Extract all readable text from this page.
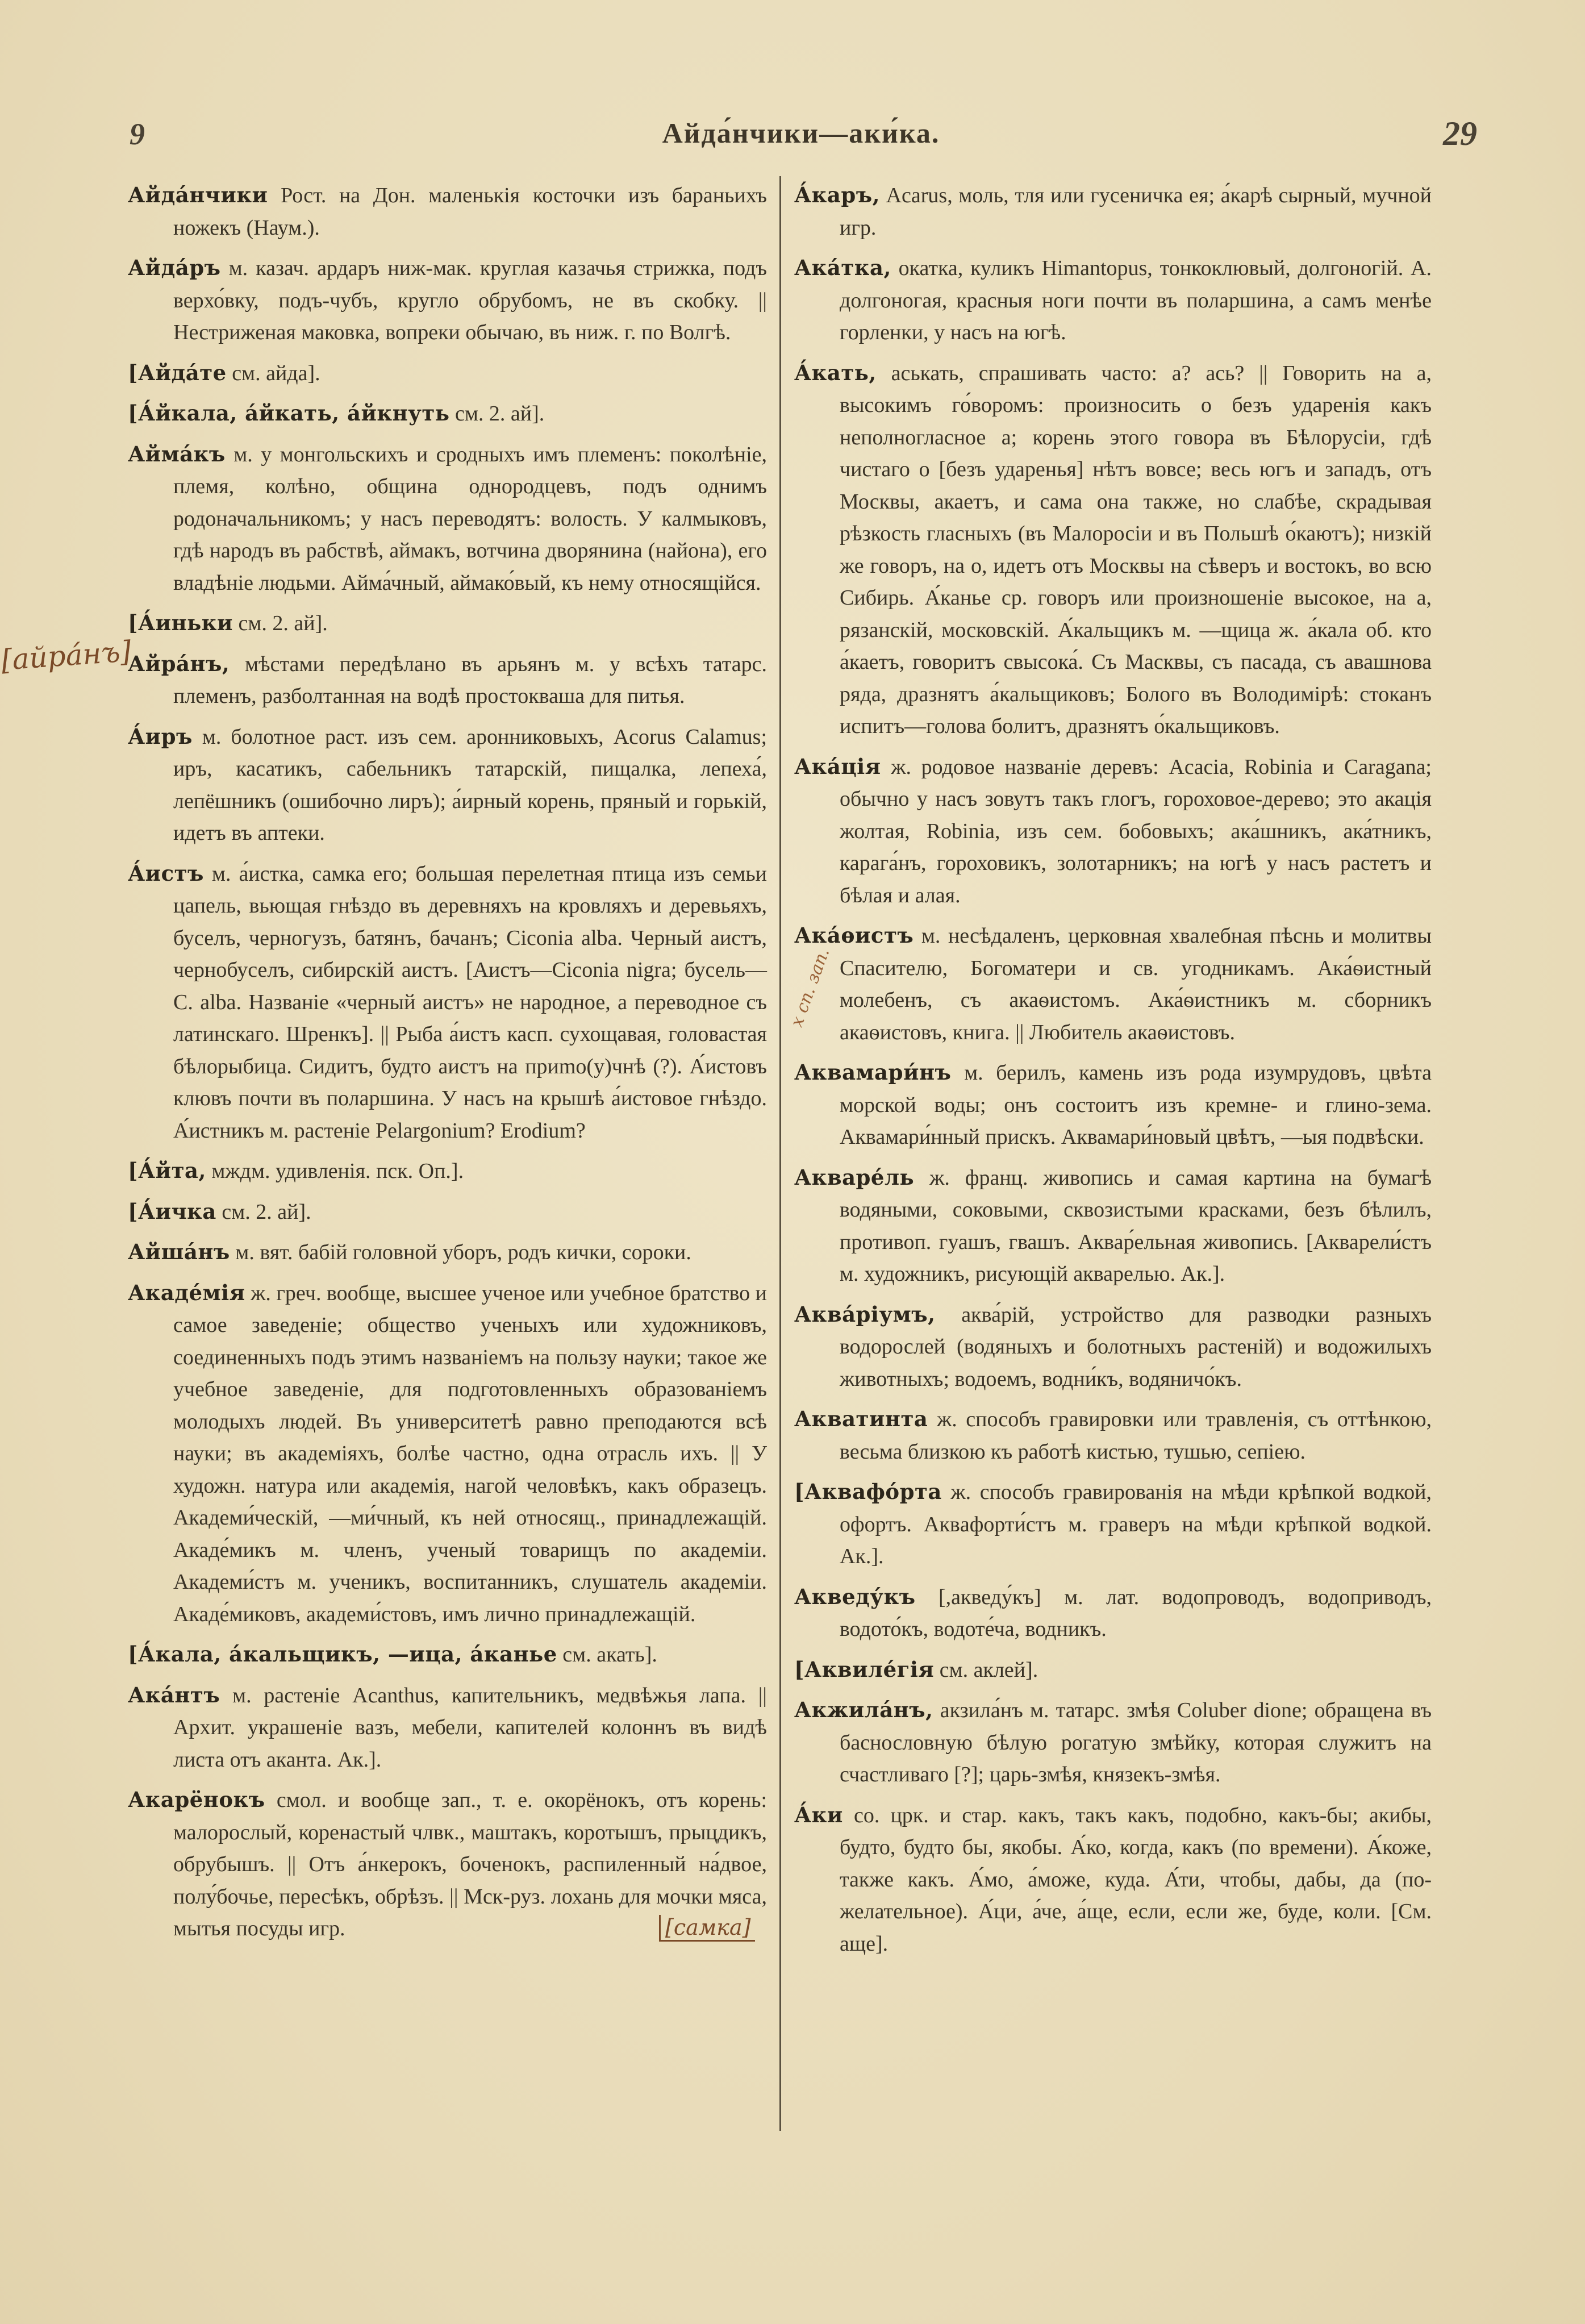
9	Айда́нчики—аки́ка.	29

Айда́нчики Рост. на Дон. маленькія косточки изъ бараньихъ ножекъ (Наум.).

Айда́ръ м. казач. ардаръ ниж-мак. круглая казачья стрижка, подъ верхо́вку, подъ-чубъ, кругло обрубомъ, не въ скобку. || Нестриженая маковка, вопреки обычаю, въ ниж. г. по Волгѣ.

[Айда́те см. айда].

[А́йкала, а́йкать, а́йкнуть см. 2. ай].

Айма́къ м. у монгольскихъ и сродныхъ имъ племенъ: поколѣніе, племя, колѣно, община однородцевъ, подъ однимъ родоначальникомъ; у насъ переводятъ: волость. У калмыковъ, гдѣ народъ въ рабствѣ, аймакъ, вотчина дворянина (найона), его владѣніе людьми. Айма́чный, аймако́вый, къ нему относящійся.

[А́иньки см. 2. ай].

Айра́нъ, мѣстами передѣлано въ арьянъ м. у всѣхъ татарс. племенъ, разболтанная на водѣ простокваша для питья.

А́иръ м. болотное раст. изъ сем. аронниковыхъ, Acorus Calamus; иръ, касатикъ, сабельникъ татарскій, пищалка, лепеха́, лепёшникъ (ошибочно лиръ); а́ирный корень, пряный и горькій, идетъ въ аптеки.

А́истъ м. а́истка, самка его; большая перелетная птица изъ семьи цапель, вьющая гнѣздо въ деревняхъ на кровляхъ и деревьяхъ, буселъ, черногузъ, батянъ, бачанъ; Ciconia alba. Черный аистъ, чернобуселъ, сибирскій аистъ. [Аистъ—Ciconia nigra; бусель—C. alba. Названіе «черный аистъ» не народное, а переводное съ латинскаго. Шренкъ]. || Рыба а́истъ касп. сухощавая, головастая бѣлорыбица. Сидитъ, будто аистъ на приmo(у)чнѣ (?). А́истовъ клювъ почти въ поларшина. У насъ на крышѣ а́истовое гнѣздо. А́истникъ м. растеніе Pelargonium? Erodium?

[А́йта, мждм. удивленія. пск. Оп.].

[А́ичка см. 2. ай].

Айша́нъ м. вят. бабій головной уборъ, родъ кички, сороки.

Акаде́мія ж. греч. вообще, высшее ученое или учебное братство и самое заведеніе; общество ученыхъ или художниковъ, соединенныхъ подъ этимъ названіемъ на пользу науки; такое же учебное заведеніе, для подготовленныхъ образованіемъ молодыхъ людей. Въ университетѣ равно преподаются всѣ науки; въ академіяхъ, болѣе частно, одна отрасль ихъ. || У художн. натура или академія, нагой человѣкъ, какъ образецъ. Академи́ческій, —ми́чный, къ ней относящ., принадлежащій. Акаде́микъ м. членъ, ученый товарищъ по академіи. Академи́стъ м. ученикъ, воспитанникъ, слушатель академіи. Акаде́миковъ, академи́стовъ, имъ лично принадлежащій.

[А́кала, а́кальщикъ, —ица, а́канье см. акать].

Ака́нтъ м. растеніе Acanthus, капительникъ, медвѣжья лапа. || Архит. украшеніе вазъ, мебели, капителей колоннъ въ видѣ листа отъ аканта. Ак.].

Акарёнокъ смол. и вообще зап., т. е. окорёнокъ, отъ корень: малорослый, коренастый члвк., маштакъ, коротышъ, прыцдикъ, обрубышъ. || Отъ а́нкерокъ, боченокъ, распиленный на́двое, полу́бочье, пересѣкъ, обрѣзъ. || Мск-руз. лохань для мочки мяса, мытья посуды игр.

А́каръ, Acarus, моль, тля или гусеничка ея; а́карѣ сырный, мучной игр.

Ака́тка, окатка, куликъ Himantopus, тонкоклювый, долгоногій. А. долгоногая, красныя ноги почти въ поларшина, а самъ менѣе горленки, у насъ на югѣ.

А́кать, аськать, спрашивать часто: а? ась? || Говорить на а, высокимъ го́воромъ: произносить о безъ ударенія какъ неполногласное а; корень этого говора въ Бѣлорусіи, гдѣ чистаго о [безъ ударенья] нѣтъ вовсе; весь югъ и западъ, отъ Москвы, акаетъ, и сама она также, но слабѣе, скрадывая рѣзкость гласныхъ (въ Малоросіи и въ Польшѣ о́каютъ); низкій же говоръ, на о, идетъ отъ Москвы на сѣверъ и востокъ, во всю Сибирь. А́канье ср. говоръ или произношеніе высокое, на а, рязанскій, московскій. А́кальщикъ м. —щица ж. а́кала об. кто а́каетъ, говоритъ свысока́. Съ Масквы, съ пасада, съ авашнова ряда, дразнятъ а́кальщиковъ; Бологo въ Володимірѣ: стоканъ испитъ—голова болитъ, дразнятъ о́кальщиковъ.

Ака́ція ж. родовое названіе деревъ: Acacia, Robinia и Caragana; обычно у насъ зовутъ такъ глогъ, гороховое-дерево; это акація жолтая, Robinia, изъ сем. бобовыхъ; ака́шникъ, ака́тникъ, карага́нъ, гороховикъ, золотарникъ; на югѣ у насъ растетъ и бѣлая и алая.

Ака́ѳистъ м. несѣдаленъ, церковная хвалебная пѣснь и молитвы Спасителю, Богоматери и св. угодникамъ. Ака́ѳистный молебенъ, съ акаѳистомъ. Ака́ѳистникъ м. сборникъ акаѳистовъ, книга. || Любитель акаѳистовъ.

Аквамари́нъ м. берилъ, камень изъ рода изумрудовъ, цвѣта морской воды; онъ состоитъ изъ кремне- и глино-зема. Аквамари́нный прискъ. Аквамари́новый цвѣтъ, —ыя подвѣски.

Акваре́ль ж. франц. живопись и самая картина на бумагѣ водяными, соковыми, сквозистыми красками, безъ бѣлилъ, противоп. гуашъ, гвашъ. Аквар́ельная живопись. [Акварели́стъ м. художникъ, рисующій акварелью. Ак.].

Аква́ріумъ, аква́рій, устройство для разводки разныхъ водорослей (водяныхъ и болотныхъ растеній) и водожилыхъ животныхъ; водоемъ, водни́къ, водяничо́къ.

Акватинта ж. способъ гравировки или травленія, съ оттѣнкою, весьма близкою къ работѣ кистью, тушью, сепіею.

[Аквафо́рта ж. способъ гравированія на мѣди крѣпкой водкой, офортъ. Аквaфорти́стъ м. граверъ на мѣди крѣпкой водкой. Ак.].

Акведу́къ [,акведу́къ] м. лат. водопроводъ, водоприводъ, водото́къ, водоте́ча, водникъ.

[Аквиле́гія см. аклей].

Акжила́нъ, акзила́нъ м. татарс. змѣя Coluber dione; обращена въ баснословную бѣлую рогатую змѣйку, которая служитъ на счастливаго [?]; царь-змѣя, князекъ-змѣя.

А́ки сo. црк. и стар. какъ, такъ какъ, подобно, какъ-бы; акибы, будто, будто бы, якобы. А́ко, когда, какъ (по времени). А́коже, также какъ. А́мо, а́може, куда. А́ти, чтобы, дабы, да (по-желательное). А́ци, а́че, а́ще, если, если же, буде, коли. [См. аще].

[айра́нъ]
[самка]
х сп. зап.
